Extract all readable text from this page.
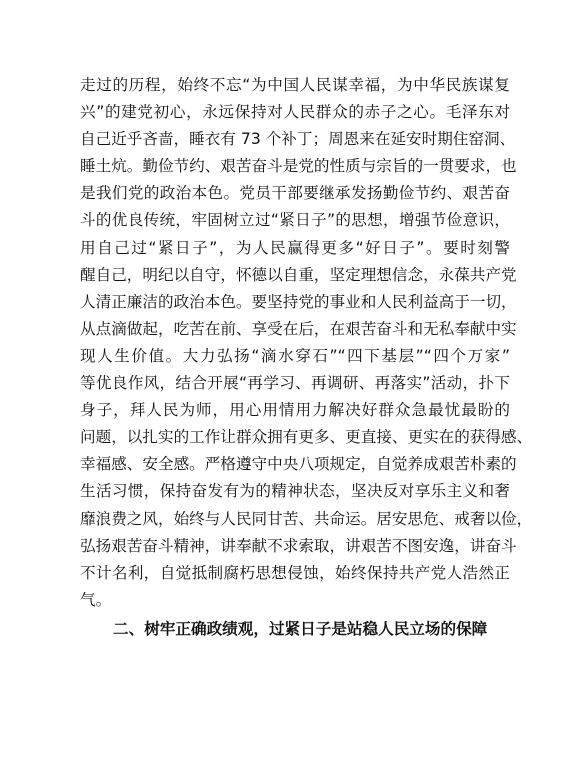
走过的历程，始终不忘“为中国人民谋幸福，为中华民族谋复
兴”的建党初心，永远保持对人民群众的赤子之心。毛泽东对
自己近乎吝啬，睡衣有 73 个补丁；周恩来在延安时期住窑洞、
睡土炕。勤俭节约、艰苦奋斗是党的性质与宗旨的一贯要求，也
是我们党的政治本色。党员干部要继承发扬勤俭节约、艰苦奋
斗的优良传统，牢固树立过“紧日子”的思想，增强节俭意识，
用自己过“紧日子”，为人民赢得更多“好日子”。要时刻警
醒自己，明纪以自守，怀德以自重，坚定理想信念，永葆共产党
人清正廉洁的政治本色。要坚持党的事业和人民利益高于一切，
从点滴做起，吃苦在前、享受在后，在艰苦奋斗和无私奉献中实
现人生价值。大力弘扬“滴水穿石”“四下基层”“四个万家”
等优良作风，结合开展“再学习、再调研、再落实”活动，扑下
身子，拜人民为师，用心用情用力解决好群众急最忧最盼的
问题，以扎实的工作让群众拥有更多、更直接、更实在的获得感、
幸福感、安全感。严格遵守中央八项规定，自觉养成艰苦朴素的
生活习惯，保持奋发有为的精神状态，坚决反对享乐主义和奢
靡浪费之风，始终与人民同甘苦、共命运。居安思危、戒奢以俭，
弘扬艰苦奋斗精神，讲奉献不求索取，讲艰苦不图安逸，讲奋斗
不计名利，自觉抵制腐朽思想侵蚀，始终保持共产党人浩然正
气。
二、树牢正确政绩观，过紧日子是站稳人民立场的保障
